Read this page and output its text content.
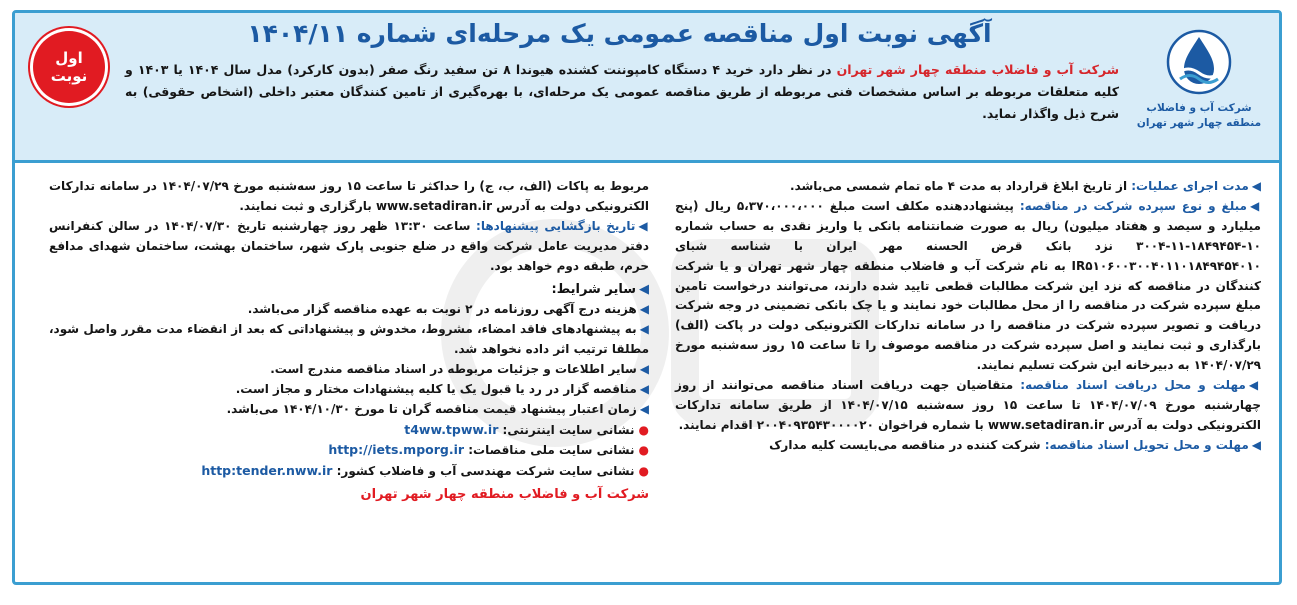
شرکت آب و فاضلاب
منطقه چهار شهر تهران
اول
نوبت
آگهی نوبت اول مناقصه عمومی یک مرحله‌ای شماره ۱۴۰۴/۱۱
شرکت آب و فاضلاب منطقه چهار شهر تهران در نظر دارد خرید ۴ دستگاه کامپوننت کشنده هیوندا ۸ تن سفید رنگ صفر (بدون کارکرد) مدل سال ۱۴۰۴ یا ۱۴۰۳ و کلیه متعلقات مربوطه بر اساس مشخصات فنی مربوطه از طریق مناقصه عمومی یک مرحله‌ای، با بهره‌گیری از تامین کنندگان معتبر داخلی (اشخاص حقوقی) به شرح ذیل واگذار نماید.
◀مدت اجرای عملیات: از تاریخ ابلاغ قرارداد به مدت ۴ ماه تمام شمسی می‌باشد.
◀مبلغ و نوع سپرده شرکت در مناقصه: پیشنهاددهنده مکلف است مبلغ ۵،۳۷۰،۰۰۰،۰۰۰ ریال (پنج میلیارد و سیصد و هفتاد میلیون) ریال به صورت ضمانتنامه بانکی یا واریز نقدی به حساب شماره ۱۰-۱۸۴۹۴۵۴-۱۱-۳۰۰۴ نزد بانک قرض الحسنه مهر ایران با شناسه شبای IR۵۱۰۶۰۰۳۰۰۴۰۱۱۰۱۸۴۹۴۵۴۰۱۰ به نام شرکت آب و فاضلاب منطقه چهار شهر تهران و یا شرکت کنندگان در مناقصه که نزد این شرکت مطالبات قطعی تایید شده دارند، می‌توانند درخواست تامین مبلغ سپرده شرکت در مناقصه را از محل مطالبات خود نمایند و یا چک بانکی تضمینی در وجه شرکت دریافت و تصویر سپرده شرکت در مناقصه را در سامانه تدارکات الکترونیکی دولت در پاکت (الف) بارگذاری و ثبت نمایند و اصل سپرده شرکت در مناقصه موصوف را تا ساعت ۱۵ روز سه‌شنبه مورخ ۱۴۰۴/۰۷/۲۹ به دبیرخانه این شرکت تسلیم نمایند.
◀مهلت و محل دریافت اسناد مناقصه: متقاضیان جهت دریافت اسناد مناقصه می‌توانند از روز چهارشنبه مورخ ۱۴۰۴/۰۷/۰۹ تا ساعت ۱۵ روز سه‌شنبه ۱۴۰۴/۰۷/۱۵ از طریق سامانه تدارکات الکترونیکی دولت به آدرس www.setadiran.ir با شماره فراخوان ۲۰۰۴۰۹۳۵۴۳۰۰۰۰۲۰ اقدام نمایند.
◀مهلت و محل تحویل اسناد مناقصه: شرکت کننده در مناقصه می‌بایست کلیه مدارک
مربوط به پاکات (الف، ب، ج) را حداکثر تا ساعت ۱۵ روز سه‌شنبه مورخ ۱۴۰۴/۰۷/۲۹ در سامانه تدارکات الکترونیکی دولت به آدرس www.setadiran.ir بارگزاری و ثبت نمایند.
◀تاریخ بازگشایی پیشنهادها: ساعت ۱۳:۳۰ ظهر روز چهارشنبه تاریخ ۱۴۰۴/۰۷/۳۰ در سالن کنفرانس دفتر مدیریت عامل شرکت واقع در ضلع جنوبی پارک شهر، ساختمان بهشت، ساختمان شهدای مدافع حرم، طبقه دوم خواهد بود.
◀سایر شرایط:
◀هزینه درج آگهی روزنامه در ۲ نوبت به عهده مناقصه گزار می‌باشد.
◀به پیشنهادهای فاقد امضاء، مشروط، مخدوش و پیشنهاداتی که بعد از انقضاء مدت مقرر واصل شود، مطلقا ترتیب اثر داده نخواهد شد.
◀سایر اطلاعات و جزئیات مربوطه در اسناد مناقصه مندرج است.
◀مناقصه گزار در رد یا قبول یک یا کلیه پیشنهادات مختار و مجاز است.
◀زمان اعتبار پیشنهاد قیمت مناقصه گران تا مورخ ۱۴۰۴/۱۰/۳۰ می‌باشد.
●نشانی سایت اینترنتی: t4ww.tpww.ir
●نشانی سایت ملی مناقصات: http://iets.mporg.ir
●نشانی سایت شرکت مهندسی آب و فاضلاب کشور: http:tender.nww.ir
شرکت آب و فاضلاب منطقه چهار شهر تهران
